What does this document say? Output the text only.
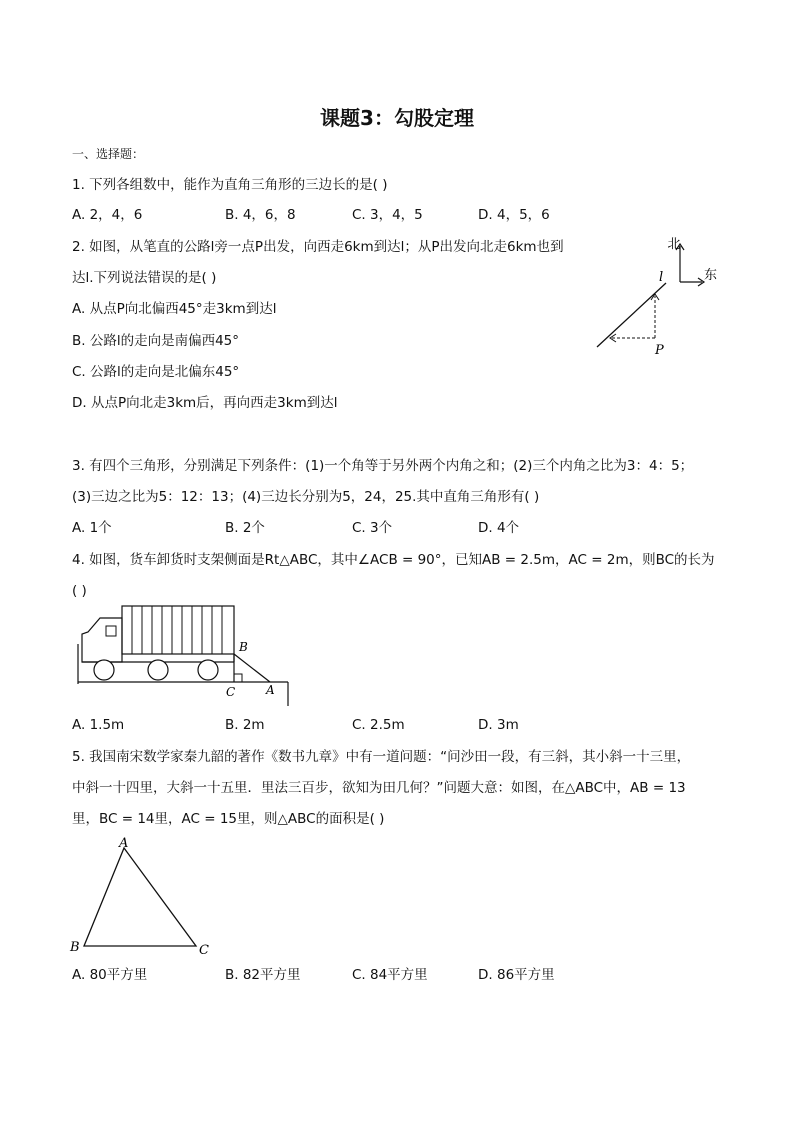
课题3：勾股定理
一、选择题：
1. 下列各组数中，能作为直角三角形的三边长的是( )
A. 2，4，6	B. 4，6，8	C. 3，4，5	D. 4，5，6
2. 如图，从笔直的公路l旁一点P出发，向西走6km到达l；从P出发向北走6km也到
达l.下列说法错误的是( )
A. 从点P向北偏西45°走3km到达l
B. 公路l的走向是南偏西45°
C. 公路l的走向是北偏东45°
D. 从点P向北走3km后，再向西走3km到达l
北
东
l
P
3. 有四个三角形，分别满足下列条件：(1)一个角等于另外两个内角之和；(2)三个内角之比为3：4：5；
(3)三边之比为5：12：13；(4)三边长分别为5，24，25.其中直角三角形有( )
A. 1个	B. 2个	C. 3个	D. 4个
4. 如图，货车卸货时支架侧面是Rt△ABC，其中∠ACB = 90°，已知AB = 2.5m，AC = 2m，则BC的长为
( )
B
C	A
A. 1.5m	B. 2m	C. 2.5m	D. 3m
5. 我国南宋数学家秦九韶的著作《数书九章》中有一道问题：“问沙田一段，有三斜，其小斜一十三里，
中斜一十四里，大斜一十五里．里法三百步，欲知为田几何？”问题大意：如图，在△ABC中，AB = 13
里，BC = 14里，AC = 15里，则△ABC的面积是( )
A
B	C
A. 80平方里	B. 82平方里	C. 84平方里	D. 86平方里
